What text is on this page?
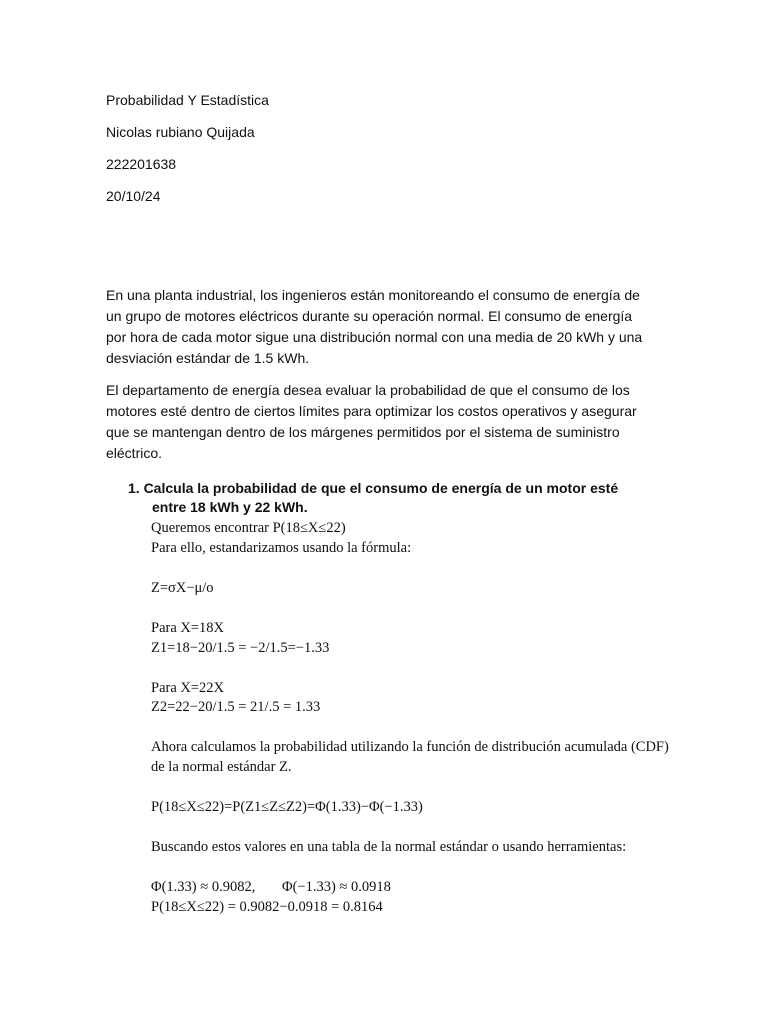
Probabilidad Y Estadística

Nicolas rubiano Quijada

222201638

20/10/24

En una planta industrial, los ingenieros están monitoreando el consumo de energía de
un grupo de motores eléctricos durante su operación normal. El consumo de energía
por hora de cada motor sigue una distribución normal con una media de 20 kWh y una
desviación estándar de 1.5 kWh.
El departamento de energía desea evaluar la probabilidad de que el consumo de los
motores esté dentro de ciertos límites para optimizar los costos operativos y asegurar
que se mantengan dentro de los márgenes permitidos por el sistema de suministro
eléctrico.
1. Calcula la probabilidad de que el consumo de energía de un motor esté
entre 18 kWh y 22 kWh.

Queremos encontrar P(18≤X≤22)

Para ello, estandarizamos usando la fórmula:

Z=σX−μ/o

Para X=18X

Z1=18−20/1.5 = −2/1.5=−1.33

Para X=22X

Z2=22−20/1.5 = 21/.5 = 1.33

Ahora calculamos la probabilidad utilizando la función de distribución acumulada (CDF)

de la normal estándar Z.

P(18≤X≤22)=P(Z1≤Z≤Z2)=Φ(1.33)−Φ(−1.33)

Buscando estos valores en una tabla de la normal estándar o usando herramientas:

Φ(1.33) ≈ 0.9082, Φ(−1.33) ≈ 0.0918

P(18≤X≤22) = 0.9082−0.0918 = 0.8164
